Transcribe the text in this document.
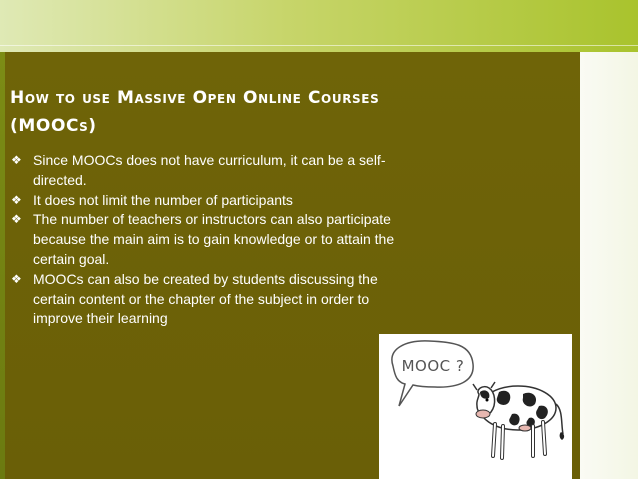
How to use Massive Open Online Courses (MOOCs)
❖ Since MOOCs does not have curriculum, it can be a self-directed.
❖ It does not limit the number of participants
❖ The number of teachers or instructors can also participate because the main aim is to gain knowledge or to attain the certain goal.
❖ MOOCs can also be created by students discussing the certain content or the chapter of the subject in order to improve their learning
MOOC ?
